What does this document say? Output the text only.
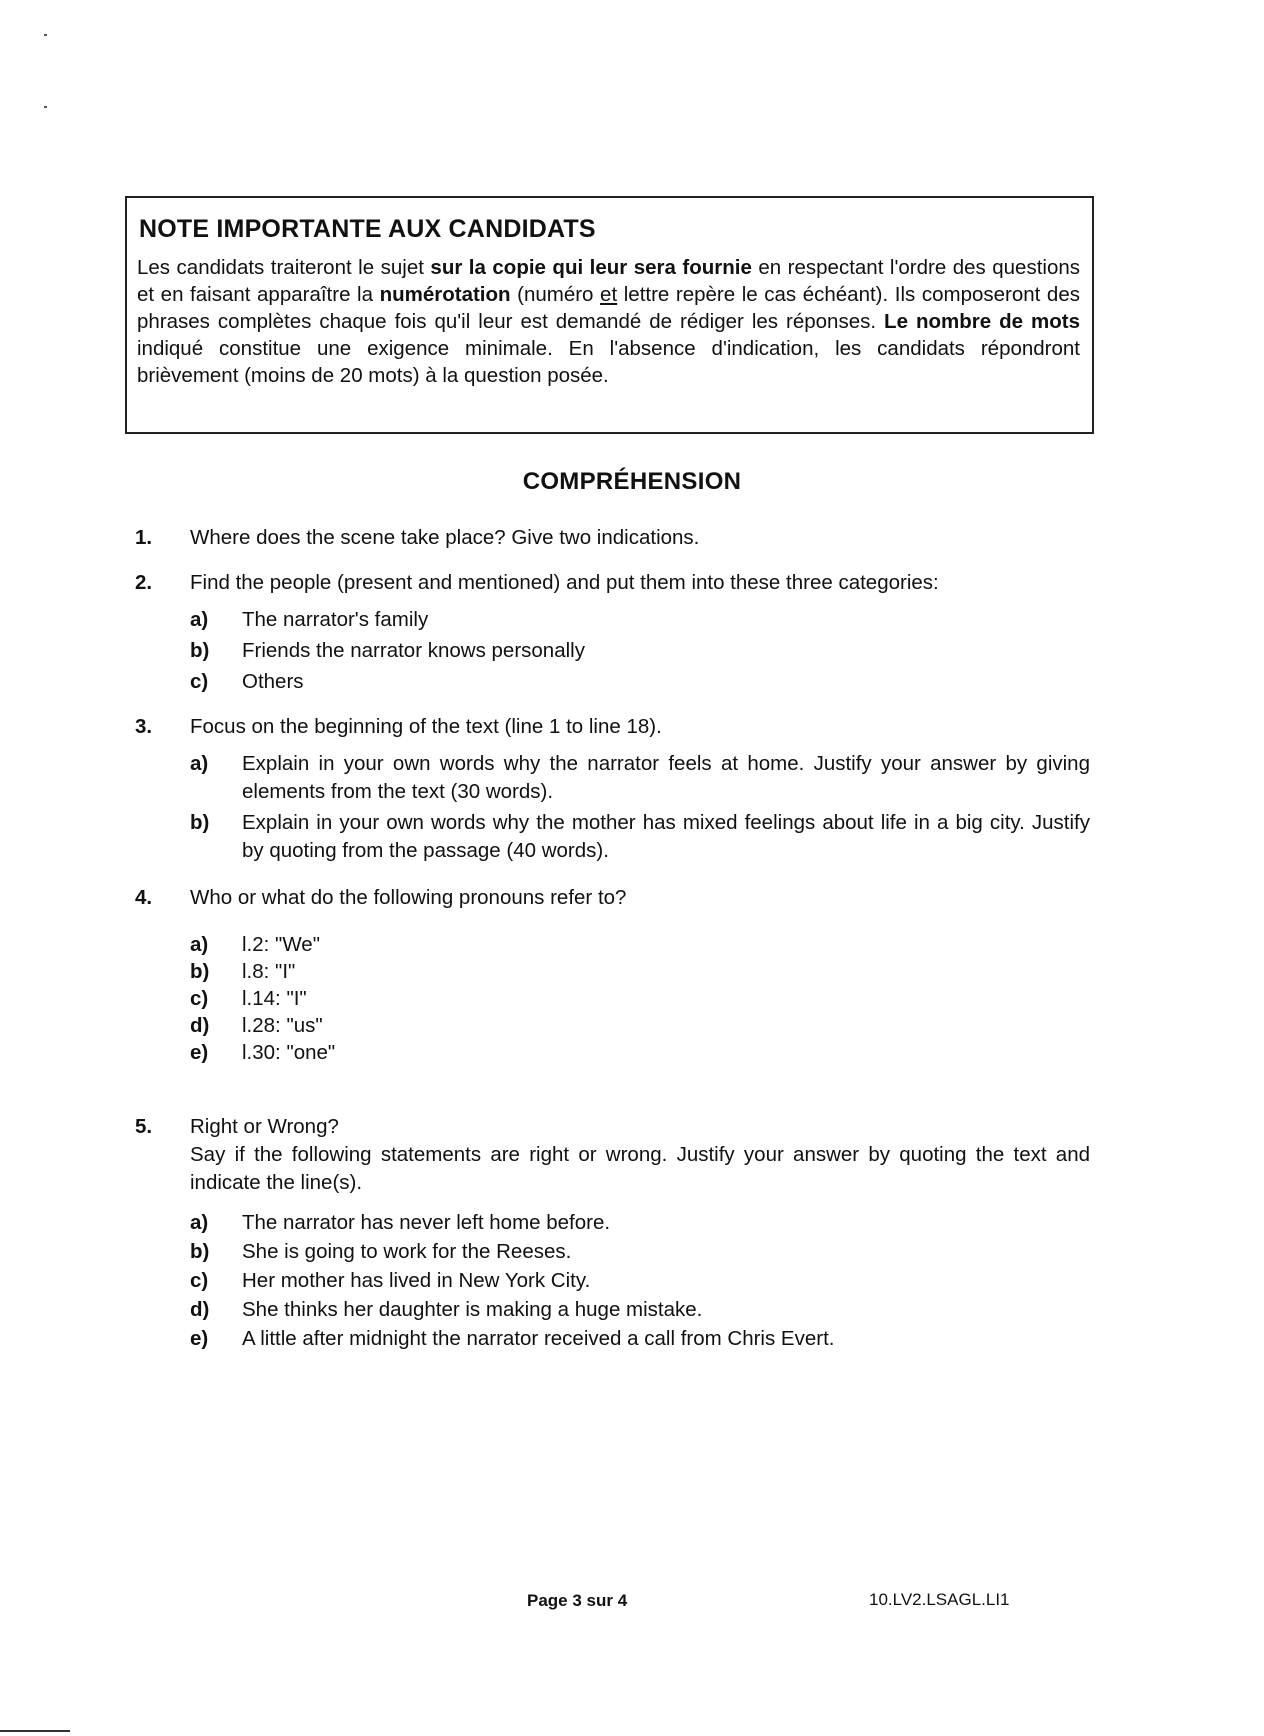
NOTE IMPORTANTE AUX CANDIDATS
Les candidats traiteront le sujet sur la copie qui leur sera fournie en respectant l'ordre des questions et en faisant apparaître la numérotation (numéro et lettre repère le cas échéant). Ils composeront des phrases complètes chaque fois qu'il leur est demandé de rédiger les réponses. Le nombre de mots indiqué constitue une exigence minimale. En l'absence d'indication, les candidats répondront brièvement (moins de 20 mots) à la question posée.
COMPRÉHENSION
1. Where does the scene take place? Give two indications.
2. Find the people (present and mentioned) and put them into these three categories:
a) The narrator's family
b) Friends the narrator knows personally
c) Others
3. Focus on the beginning of the text (line 1 to line 18).
a) Explain in your own words why the narrator feels at home. Justify your answer by giving elements from the text (30 words).
b) Explain in your own words why the mother has mixed feelings about life in a big city. Justify by quoting from the passage (40 words).
4. Who or what do the following pronouns refer to?
a) l.2: "We"
b) l.8: "I"
c) l.14: "I"
d) l.28: "us"
e) l.30: "one"
5. Right or Wrong?
Say if the following statements are right or wrong. Justify your answer by quoting the text and indicate the line(s).
a) The narrator has never left home before.
b) She is going to work for the Reeses.
c) Her mother has lived in New York City.
d) She thinks her daughter is making a huge mistake.
e) A little after midnight the narrator received a call from Chris Evert.
Page 3 sur 4	10.LV2.LSAGL.LI1
